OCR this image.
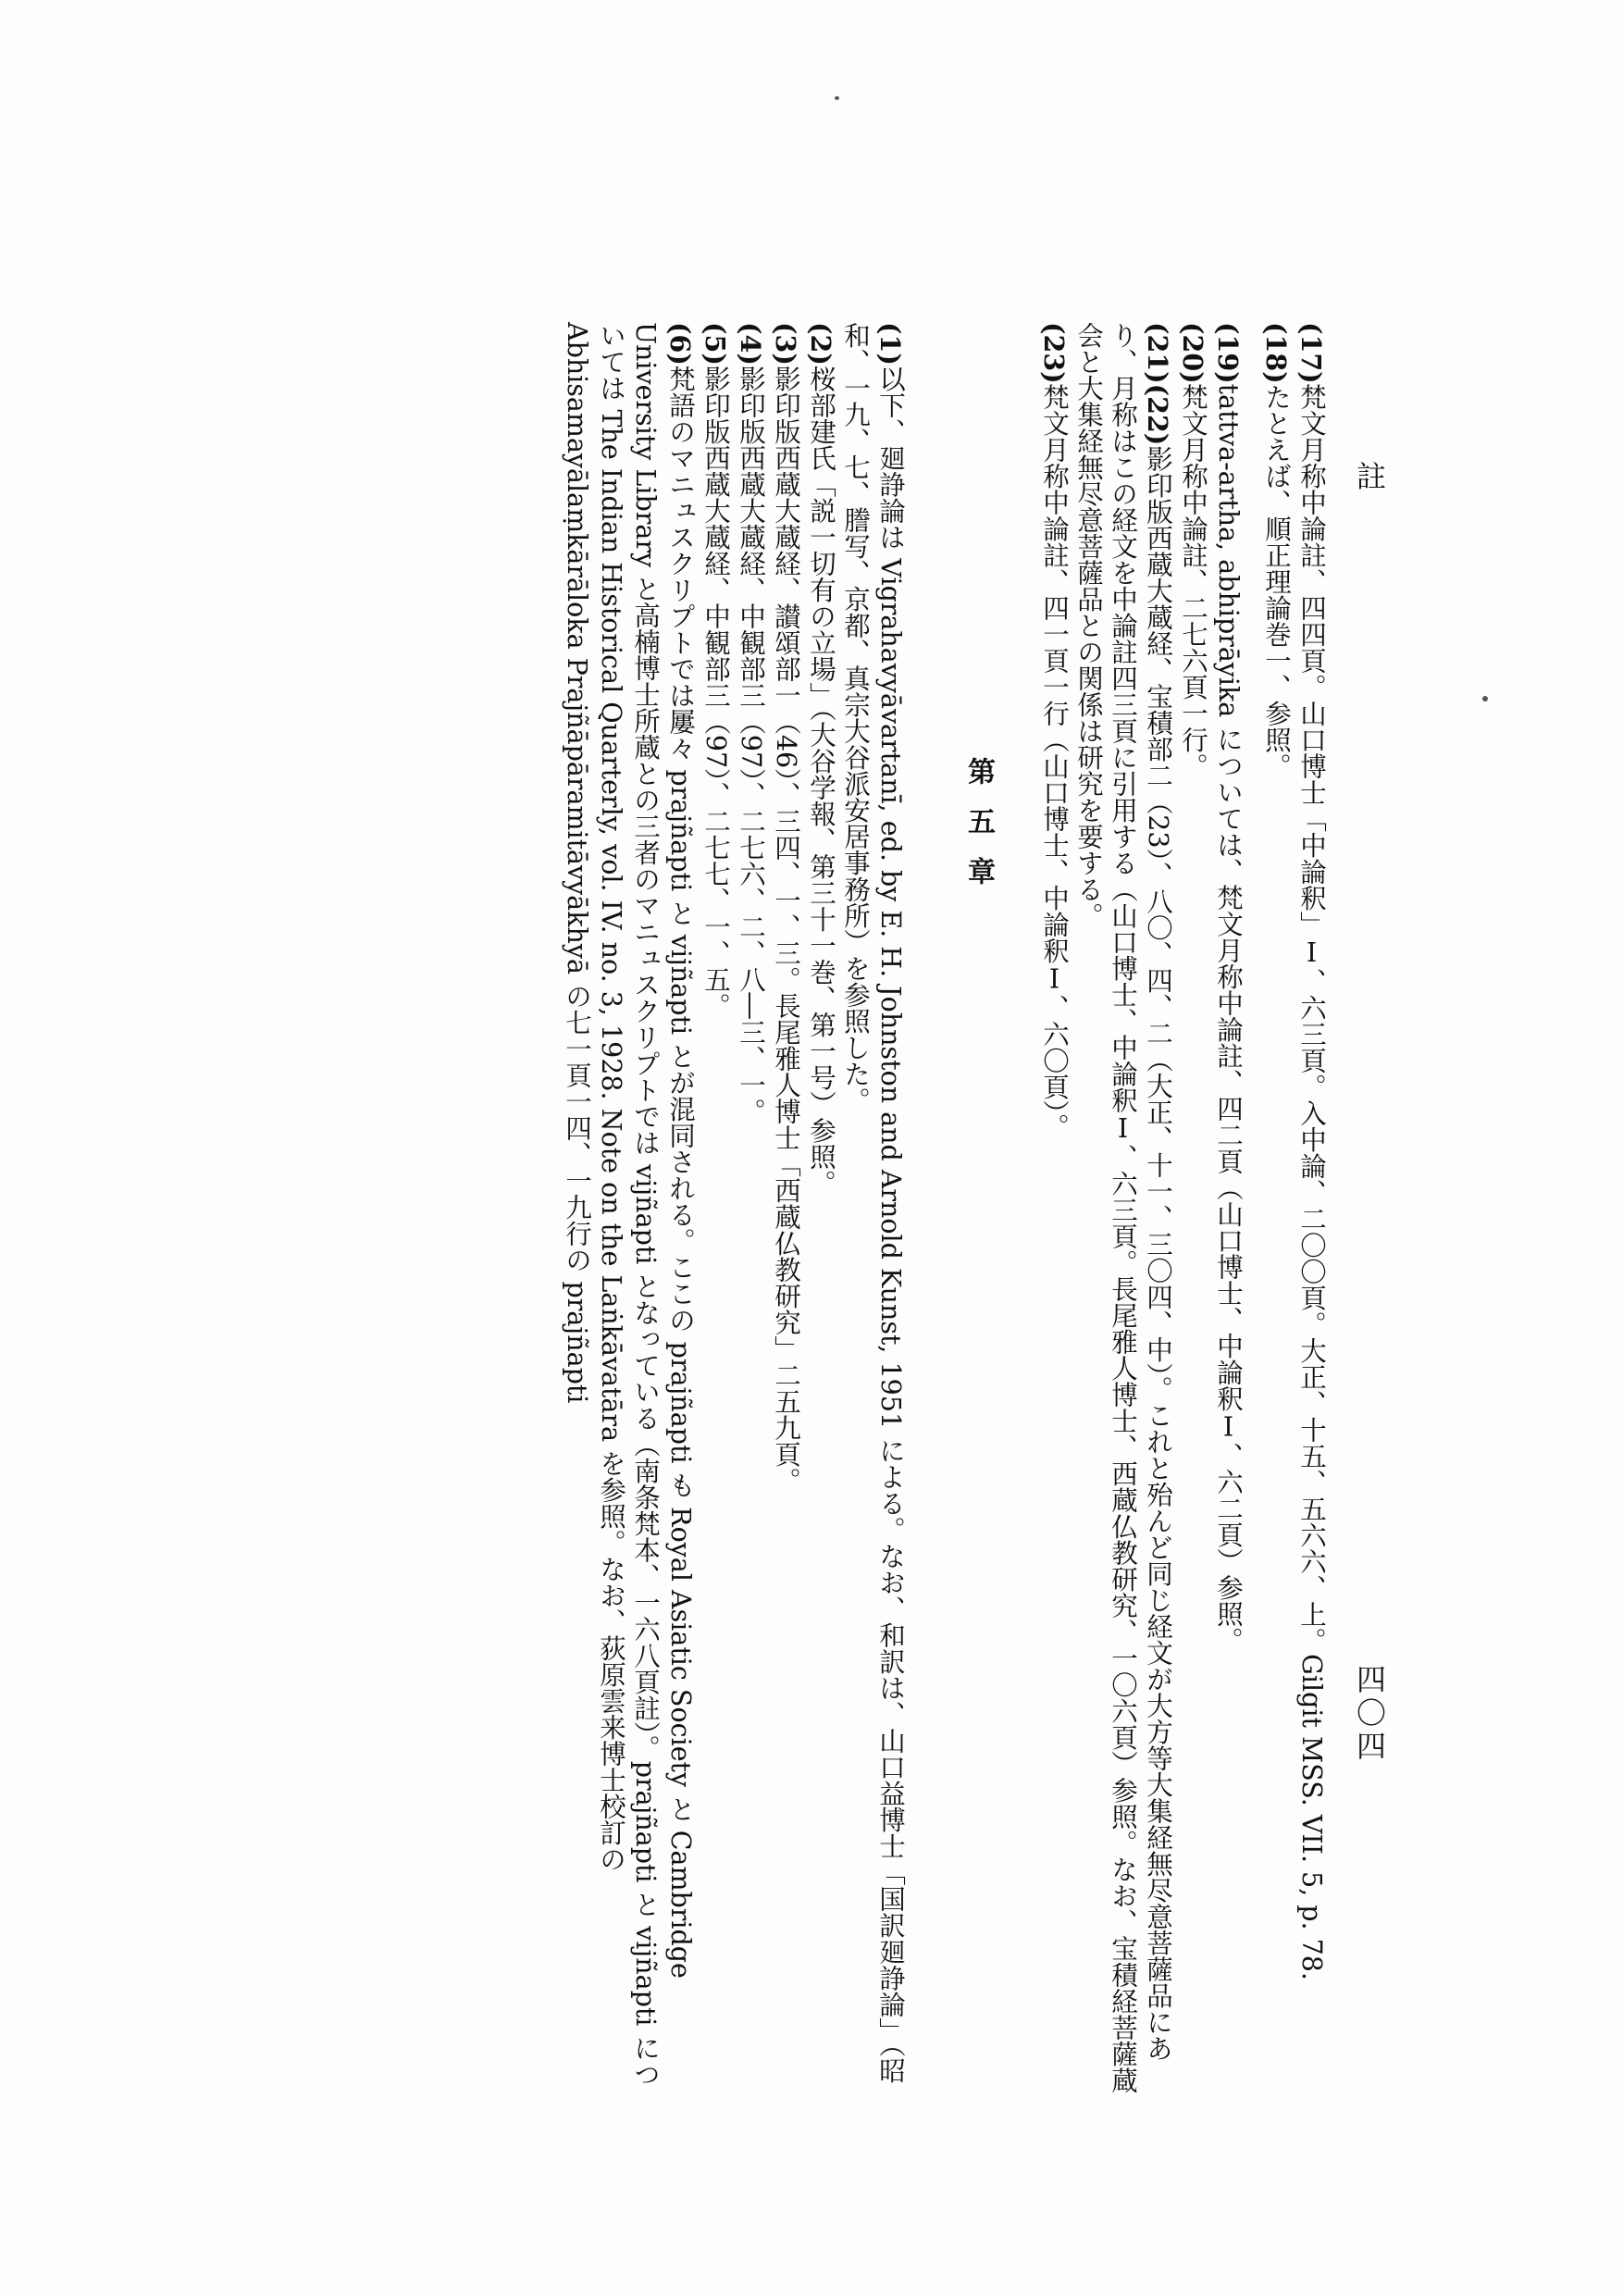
註
四〇四

(17)梵文月称中論註、四四頁。山口博士「中論釈」Ⅰ、六三頁。入中論、二〇〇頁。大正、十五、五六六、上。Gilgit MSS. VII. 5, p. 78.

(18)たとえば、順正理論巻一、参照。

(19)tattva-artha, abhiprāyika については、梵文月称中論註、四二頁（山口博士、中論釈Ⅰ、六二頁）参照。

(20)梵文月称中論註、二七六頁一行。

(21)(22)影印版西蔵大蔵経、宝積部二（23）、八〇、四、二（大正、十一、三〇四、中）。これと殆んど同じ経文が大方等大集経無尽意菩薩品にあり、月称はこの経文を中論註四三頁に引用する（山口博士、中論釈Ⅰ、六三頁。長尾雅人博士、西蔵仏教研究、一〇六頁）参照。なお、宝積経菩薩蔵会と大集経無尽意菩薩品との関係は研究を要する。

(23)梵文月称中論註、四一頁一行（山口博士、中論釈Ⅰ、六〇頁）。

第五章

(1)以下、廻諍論は Vigrahavyāvartanī, ed. by E. H. Johnston and Arnold Kunst, 1951 による。なお、和訳は、山口益博士「国訳廻諍論」（昭和、一九、七、謄写、京都、真宗大谷派安居事務所）を参照した。

(2)桜部建氏「説一切有の立場」（大谷学報、第三十一巻、第一号）参照。

(3)影印版西蔵大蔵経、讃頌部一（46）、三四、一、三。長尾雅人博士「西蔵仏教研究」二五九頁。

(4)影印版西蔵大蔵経、中観部三（97）、二七六、二、八―三、一。

(5)影印版西蔵大蔵経、中観部三（97）、二七七、一、五。

(6)梵語のマニュスクリプトでは屢々 prajñapti と vijñapti とが混同される。ここの prajñapti も Royal Asiatic Society と Cambridge University Library と高楠博士所蔵との三者のマニュスクリプトでは vijñapti となっている（南条梵本、一六八頁註）。prajñapti と vijñapti については The Indian Historical Quarterly, vol. IV. no. 3, 1928. Note on the Laṅkāvatāra を参照。なお、荻原雲来博士校訂の Abhisamayālaṃkārāloka Prajñāpāramitāvyākhyā の七一頁一四、一九行の prajñapti
